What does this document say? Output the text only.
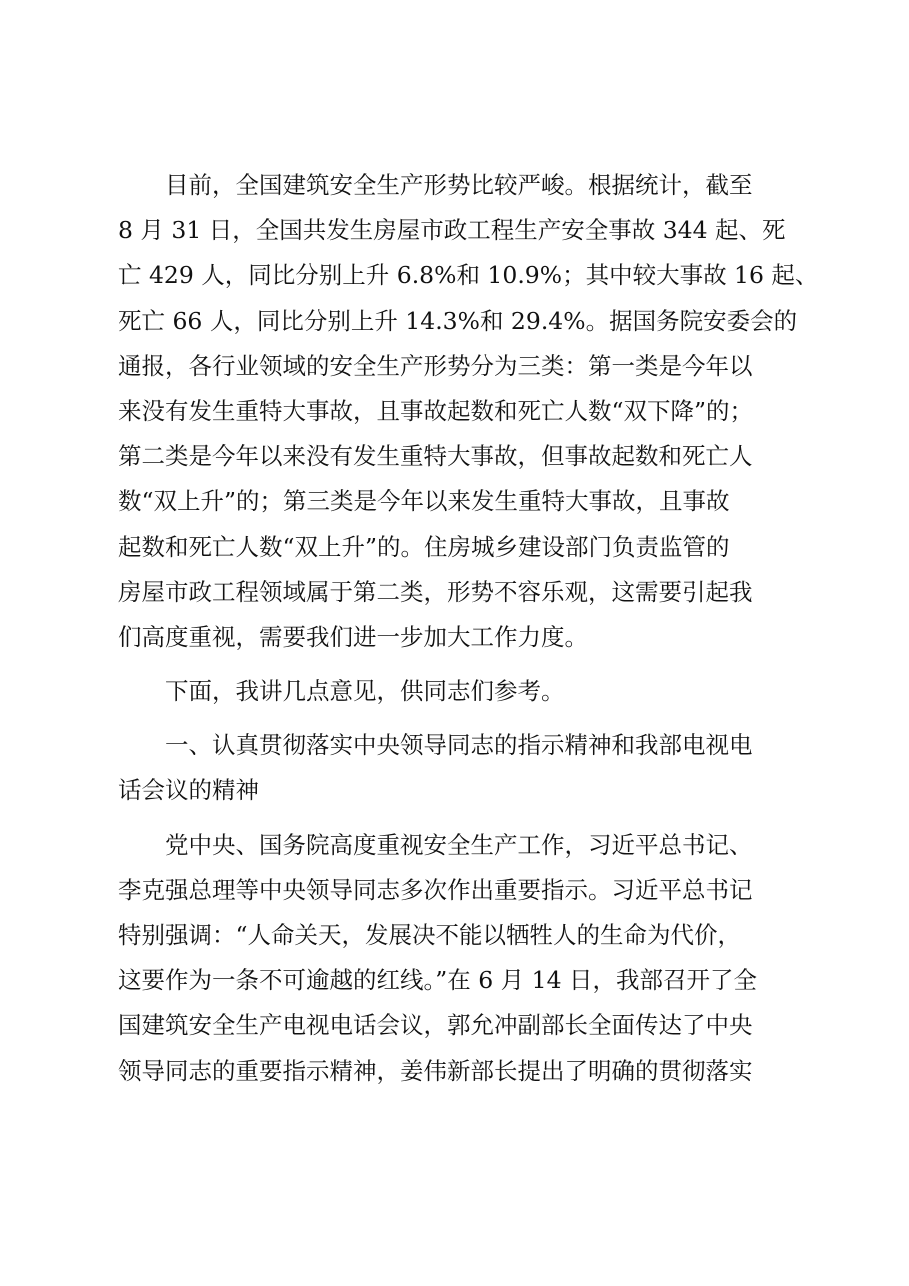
　　目前，全国建筑安全生产形势比较严峻。根据统计，截至
8 月 31 日，全国共发生房屋市政工程生产安全事故 344 起、死
亡 429 人，同比分别上升 6.8%和 10.9%；其中较大事故 16 起、
死亡 66 人，同比分别上升 14.3%和 29.4%。据国务院安委会的
通报，各行业领域的安全生产形势分为三类：第一类是今年以
来没有发生重特大事故，且事故起数和死亡人数“双下降”的；
第二类是今年以来没有发生重特大事故，但事故起数和死亡人
数“双上升”的；第三类是今年以来发生重特大事故，且事故
起数和死亡人数“双上升”的。住房城乡建设部门负责监管的
房屋市政工程领域属于第二类，形势不容乐观，这需要引起我
们高度重视，需要我们进一步加大工作力度。
　　下面，我讲几点意见，供同志们参考。
　　一、认真贯彻落实中央领导同志的指示精神和我部电视电
话会议的精神
　　党中央、国务院高度重视安全生产工作，习近平总书记、
李克强总理等中央领导同志多次作出重要指示。习近平总书记
特别强调：“人命关天，发展决不能以牺牲人的生命为代价，
这要作为一条不可逾越的红线。”在 6 月 14 日，我部召开了全
国建筑安全生产电视电话会议，郭允冲副部长全面传达了中央
领导同志的重要指示精神，姜伟新部长提出了明确的贯彻落实
